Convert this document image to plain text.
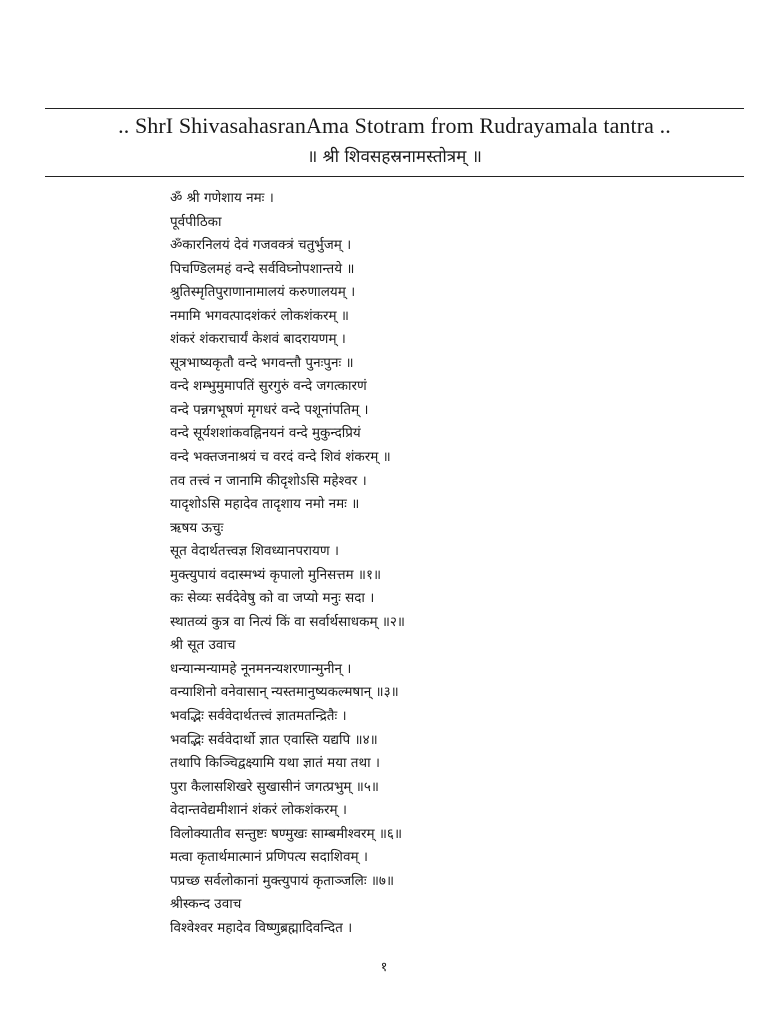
.. ShrI ShivasahasranAma Stotram from Rudrayamala tantra ..
॥ श्री शिवसहस्रनामस्तोत्रम् ॥
ॐ श्री गणेशाय नमः ।
पूर्वपीठिका
ॐकारनिलयं देवं गजवक्त्रं चतुर्भुजम् ।
पिचण्डिलमहं वन्दे सर्वविघ्नोपशान्तये ॥
श्रुतिस्मृतिपुराणानामालयं करुणालयम् ।
नमामि भगवत्पादशंकरं लोकशंकरम् ॥
शंकरं शंकराचार्यं केशवं बादरायणम् ।
सूत्रभाष्यकृतौ वन्दे भगवन्तौ पुनःपुनः ॥
वन्दे शम्भुमुमापतिं सुरगुरुं वन्दे जगत्कारणं
वन्दे पन्नगभूषणं मृगधरं वन्दे पशूनांपतिम् ।
वन्दे सूर्यशशांकवह्निनयनं वन्दे मुकुन्दप्रियं
वन्दे भक्तजनाश्रयं च वरदं वन्दे शिवं शंकरम् ॥
तव तत्त्वं न जानामि कीदृशोऽसि महेश्वर ।
यादृशोऽसि महादेव तादृशाय नमो नमः ॥
ऋषय ऊचुः
सूत वेदार्थतत्त्वज्ञ शिवध्यानपरायण ।
मुक्त्युपायं वदास्मभ्यं कृपालो मुनिसत्तम ॥१॥
कः सेव्यः सर्वदेवेषु को वा जप्यो मनुः सदा ।
स्थातव्यं कुत्र वा नित्यं किं वा सर्वार्थसाधकम् ॥२॥
श्री सूत उवाच
धन्यान्मन्यामहे नूनमनन्यशरणान्मुनीन् ।
वन्याशिनो वनेवासान् न्यस्तमानुष्यकल्मषान् ॥३॥
भवद्भिः सर्ववेदार्थतत्त्वं ज्ञातमतन्द्रितैः ।
भवद्भिः सर्ववेदार्थो ज्ञात एवास्ति यद्यपि ॥४॥
तथापि किञ्चिद्वक्ष्यामि यथा ज्ञातं मया तथा ।
पुरा कैलासशिखरे सुखासीनं जगत्प्रभुम् ॥५॥
वेदान्तवेद्यमीशानं शंकरं लोकशंकरम् ।
विलोक्यातीव सन्तुष्टः षण्मुखः साम्बमीश्वरम् ॥६॥
मत्वा कृतार्थमात्मानं प्रणिपत्य सदाशिवम् ।
पप्रच्छ सर्वलोकानां मुक्त्युपायं कृताञ्जलिः ॥७॥
श्रीस्कन्द उवाच
विश्वेश्वर महादेव विष्णुब्रह्मादिवन्दित ।
१
